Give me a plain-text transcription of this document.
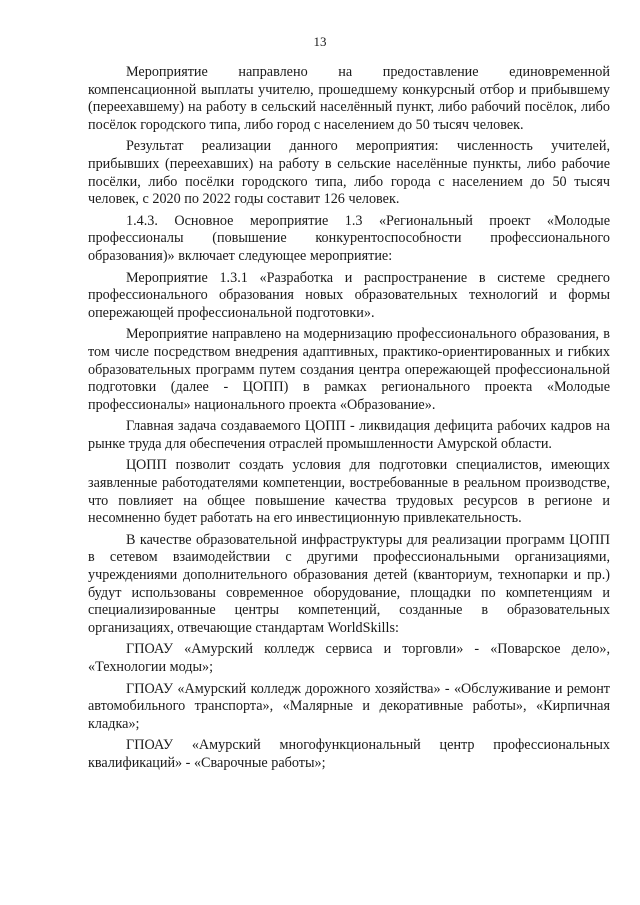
13

Мероприятие направлено на предоставление единовременной компенсационной выплаты учителю, прошедшему конкурсный отбор и прибывшему (переехавшему) на работу в сельский населённый пункт, либо рабочий посёлок, либо посёлок городского типа, либо город с населением до 50 тысяч человек.

Результат реализации данного мероприятия: численность учителей, прибывших (переехавших) на работу в сельские населённые пункты, либо рабочие посёлки, либо посёлки городского типа, либо города с населением до 50 тысяч человек, с 2020 по 2022 годы составит 126 человек.

1.4.3. Основное мероприятие 1.3 «Региональный проект «Молодые профессионалы (повышение конкурентоспособности профессионального образования)» включает следующее мероприятие:

Мероприятие 1.3.1 «Разработка и распространение в системе среднего профессионального образования новых образовательных технологий и формы опережающей профессиональной подготовки».

Мероприятие направлено на модернизацию профессионального образования, в том числе посредством внедрения адаптивных, практико-ориентированных и гибких образовательных программ путем создания центра опережающей профессиональной подготовки (далее - ЦОПП) в рамках регионального проекта «Молодые профессионалы» национального проекта «Образование».

Главная задача создаваемого ЦОПП - ликвидация дефицита рабочих кадров на рынке труда для обеспечения отраслей промышленности Амурской области.

ЦОПП позволит создать условия для подготовки специалистов, имеющих заявленные работодателями компетенции, востребованные в реальном производстве, что повлияет на общее повышение качества трудовых ресурсов в регионе и несомненно будет работать на его инвестиционную привлекательность.

В качестве образовательной инфраструктуры для реализации программ ЦОПП в сетевом взаимодействии с другими профессиональными организациями, учреждениями дополнительного образования детей (кванториум, технопарки и пр.) будут использованы современное оборудование, площадки по компетенциям и специализированные центры компетенций, созданные в образовательных организациях, отвечающие стандартам WorldSkills:

ГПОАУ «Амурский колледж сервиса и торговли» - «Поварское дело», «Технологии моды»;

ГПОАУ «Амурский колледж дорожного хозяйства» - «Обслуживание и ремонт автомобильного транспорта», «Малярные и декоративные работы», «Кирпичная кладка»;

ГПОАУ «Амурский многофункциональный центр профессиональных квалификаций» - «Сварочные работы»;
